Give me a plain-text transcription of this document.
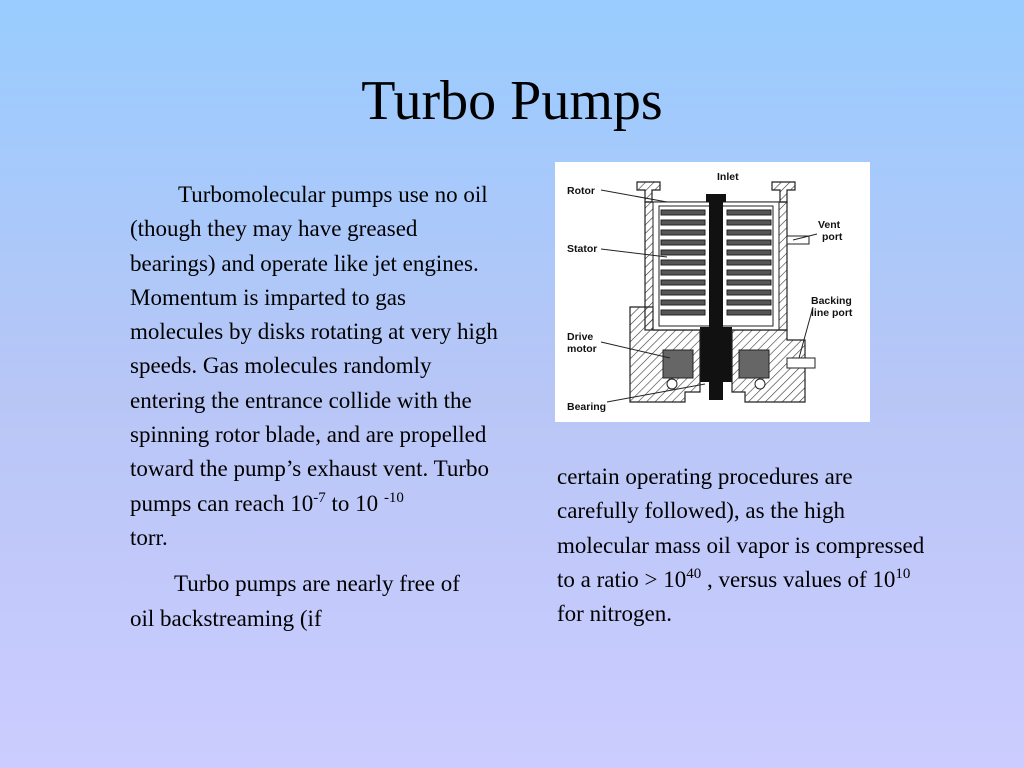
Turbo Pumps

Turbomolecular pumps use no oil (though they may have greased bearings) and operate like jet engines. Momentum is imparted to gas molecules by disks rotating at very high speeds. Gas molecules randomly entering the entrance collide with the spinning rotor blade, and are propelled toward the pump’s exhaust vent. Turbo pumps can reach $10^{-7}$ to 10 $^{-10}$
torr.

Turbo pumps are nearly free of oil backstreaming (if

certain operating procedures are carefully followed), as the high molecular mass oil vapor is compressed to a ratio > $10^{40}$ , versus values of $10^{10}$ for nitrogen.

Inlet
Rotor
Vent
port
Stator
Backing
line port
Drive
motor
Bearing
